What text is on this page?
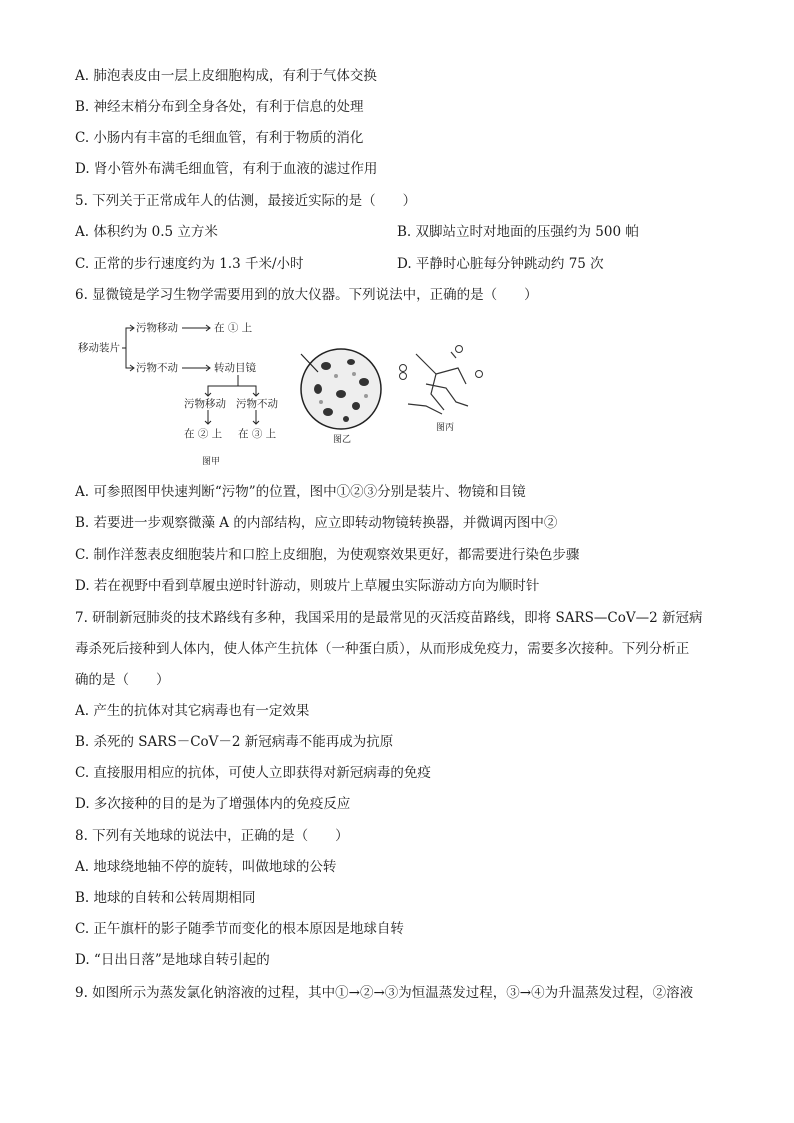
A. 肺泡表皮由一层上皮细胞构成，有利于气体交换
B. 神经末梢分布到全身各处，有利于信息的处理
C. 小肠内有丰富的毛细血管，有利于物质的消化
D. 肾小管外布满毛细血管，有利于血液的滤过作用
5. 下列关于正常成年人的估测，最接近实际的是（　　）
A. 体积约为 0.5 立方米	B. 双脚站立时对地面的压强约为 500 帕
C. 正常的步行速度约为 1.3 千米/小时	D. 平静时心脏每分钟跳动约 75 次
6. 显微镜是学习生物学需要用到的放大仪器。下列说法中，正确的是（　　）
移动装片
污物移动	在 ① 上
污物不动	转动目镜
污物移动 污物不动
在 ② 上 在 ③ 上
图甲
图乙
图丙
A. 可参照图甲快速判断“污物”的位置，图中①②③分别是装片、物镜和目镜
B. 若要进一步观察微藻 A 的内部结构，应立即转动物镜转换器，并微调丙图中②
C. 制作洋葱表皮细胞装片和口腔上皮细胞，为使观察效果更好，都需要进行染色步骤
D. 若在视野中看到草履虫逆时针游动，则玻片上草履虫实际游动方向为顺时针
7. 研制新冠肺炎的技术路线有多种，我国采用的是最常见的灭活疫苗路线，即将 SARS—CoV—2 新冠病
毒杀死后接种到人体内，使人体产生抗体（一种蛋白质），从而形成免疫力，需要多次接种。下列分析正
确的是（　　）
A. 产生的抗体对其它病毒也有一定效果
B. 杀死的 SARS－CoV－2 新冠病毒不能再成为抗原
C. 直接服用相应的抗体，可使人立即获得对新冠病毒的免疫
D. 多次接种的目的是为了增强体内的免疫反应
8. 下列有关地球的说法中，正确的是（　　）
A. 地球绕地轴不停的旋转，叫做地球的公转
B. 地球的自转和公转周期相同
C. 正午旗杆的影子随季节而变化的根本原因是地球自转
D. “日出日落”是地球自转引起的
9. 如图所示为蒸发氯化钠溶液的过程，其中①→②→③为恒温蒸发过程，③→④为升温蒸发过程，②溶液
